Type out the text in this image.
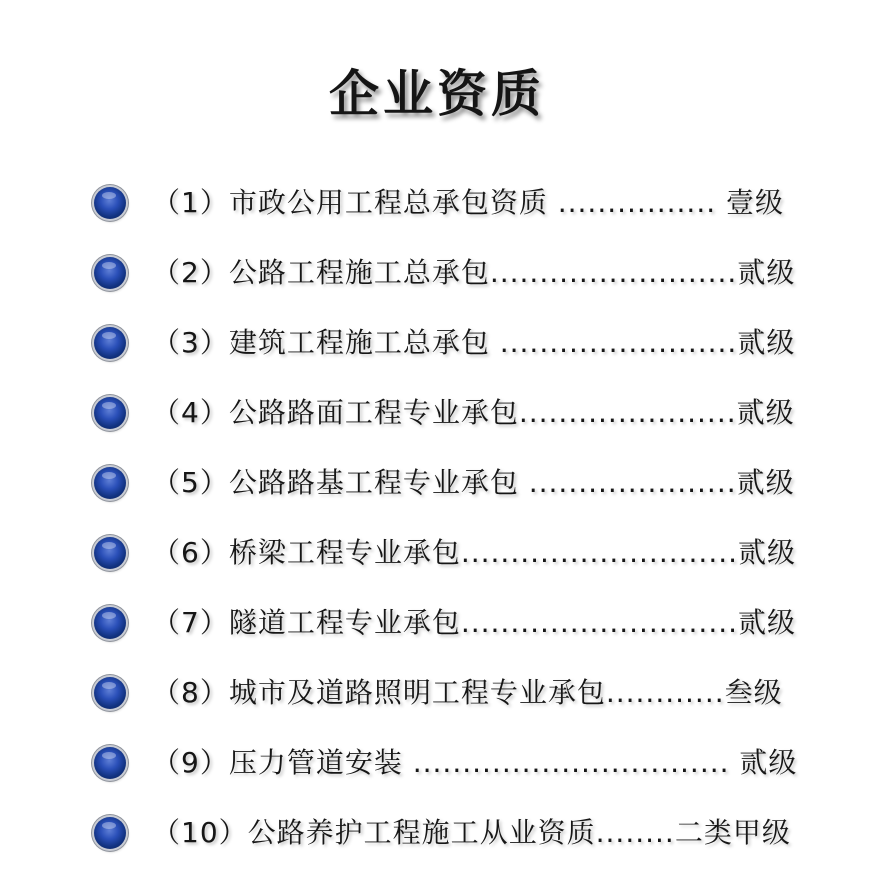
企业资质
（1）市政公用工程总承包资质 ................ 壹级
（2）公路工程施工总承包.........................贰级
（3）建筑工程施工总承包 ........................贰级
（4）公路路面工程专业承包......................贰级
（5）公路路基工程专业承包 .....................贰级
（6）桥梁工程专业承包............................贰级
（7）隧道工程专业承包............................贰级
（8）城市及道路照明工程专业承包............叁级
（9）压力管道安装 ................................ 贰级
（10）公路养护工程施工从业资质........二类甲级
